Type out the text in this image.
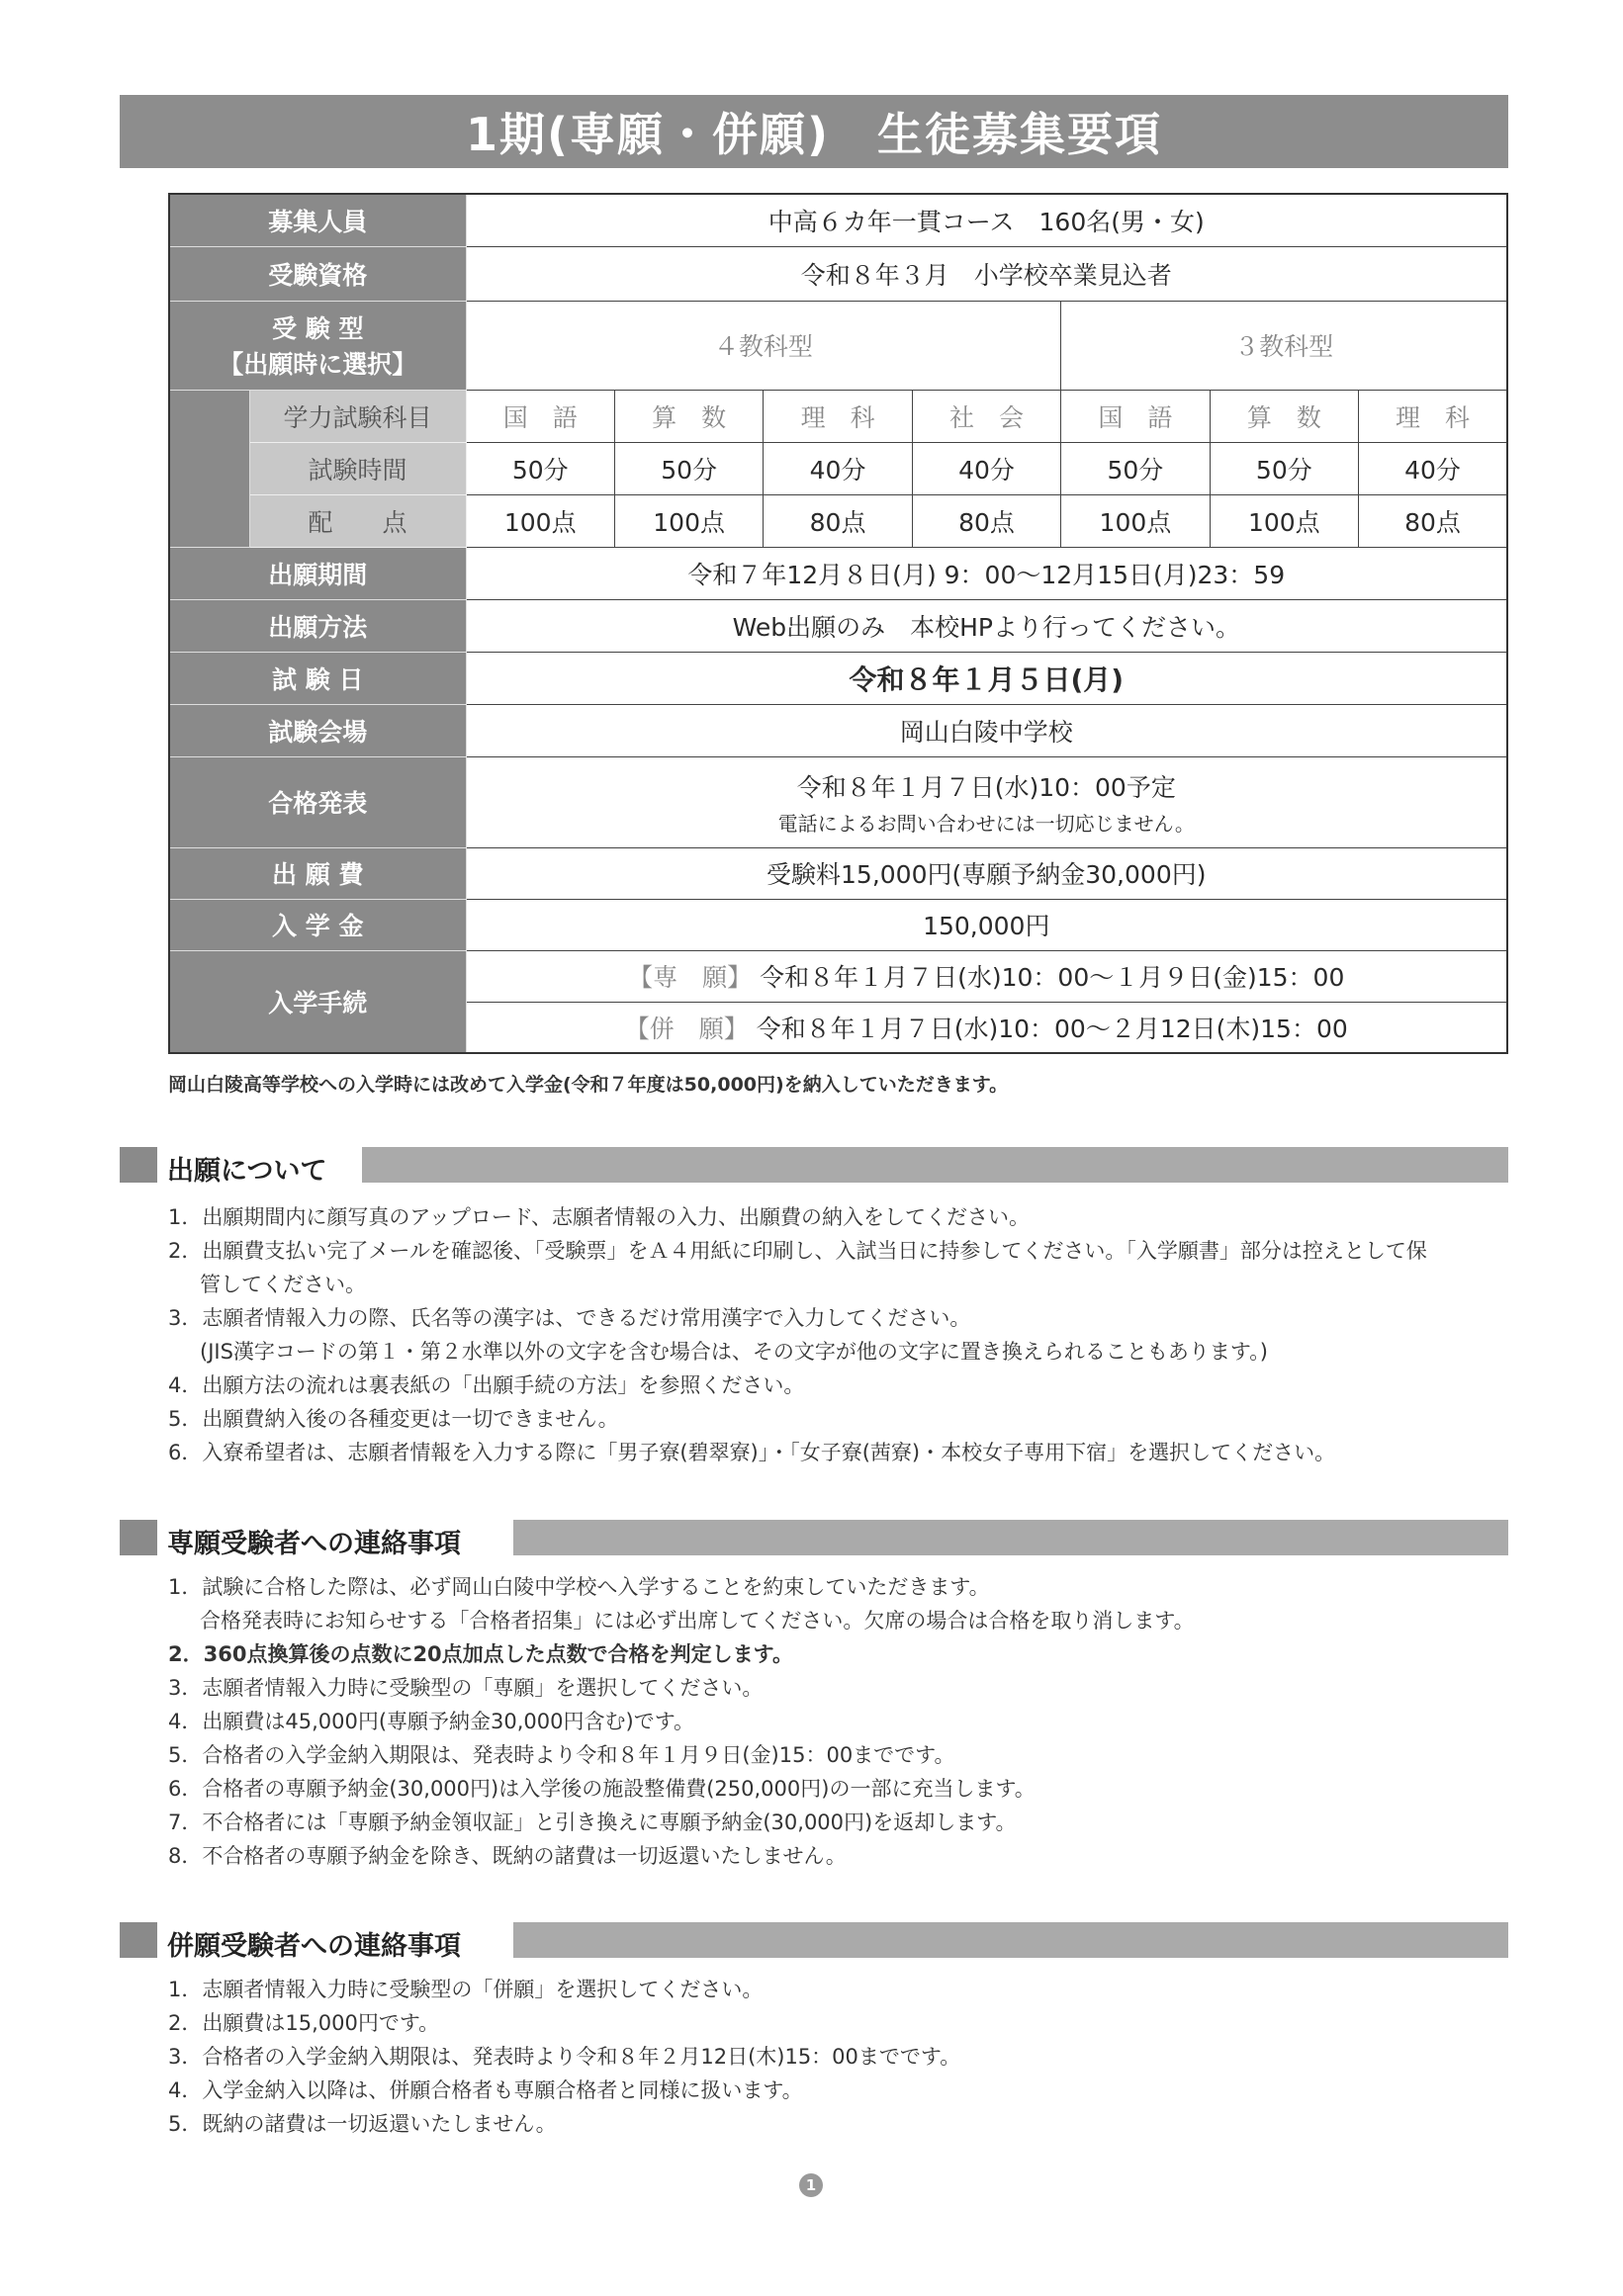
1期(専願・併願)　生徒募集要項
募集人員		中高６カ年一貫コース　160名(男・女)						
受験資格		令和８年３月　小学校卒業見込者						

受 験 型
【出願時に選択】		４教科型				３教科型		
	学力試験科目	国　語	算　数	理　科	社　会	国　語	算　数	理　科
	試験時間	50分	50分	40分	40分	50分	50分	40分
	配　　点	100点	100点	80点	80点	100点	100点	80点
出願期間		令和７年12月８日(月) 9：00～12月15日(月)23：59						
出願方法		Web出願のみ　本校HPより行ってください。						
試 験 日		令和８年１月５日(月)						
試験会場		岡山白陵中学校						
合格発表		令和８年１月７日(水)10：00予定
電話によるお問い合わせには一切応じません。						

出 願 費		受験料15,000円(専願予納金30,000円)						
入 学 金		150,000円						
入学手続		【専　願】 令和８年１月７日(水)10：00～１月９日(金)15：00						
		【併　願】 令和８年１月７日(水)10：00～２月12日(木)15：00						
岡山白陵高等学校への入学時には改めて入学金(令和７年度は50,000円)を納入していただきます。
出願について
1．出願期間内に顔写真のアップロード、志願者情報の入力、出願費の納入をしてください。
2．出願費支払い完了メールを確認後、「受験票」をＡ４用紙に印刷し、入試当日に持参してください。「入学願書」部分は控えとして保
管してください。
3．志願者情報入力の際、氏名等の漢字は、できるだけ常用漢字で入力してください。
(JIS漢字コードの第１・第２水準以外の文字を含む場合は、その文字が他の文字に置き換えられることもあります。)
4．出願方法の流れは裏表紙の「出願手続の方法」を参照ください。
5．出願費納入後の各種変更は一切できません。
6．入寮希望者は、志願者情報を入力する際に「男子寮(碧翠寮)」・「女子寮(茜寮)・本校女子専用下宿」を選択してください。
専願受験者への連絡事項
1．試験に合格した際は、必ず岡山白陵中学校へ入学することを約束していただきます。
合格発表時にお知らせする「合格者招集」には必ず出席してください。欠席の場合は合格を取り消します。
2．360点換算後の点数に20点加点した点数で合格を判定します。
3．志願者情報入力時に受験型の「専願」を選択してください。
4．出願費は45,000円(専願予納金30,000円含む)です。
5．合格者の入学金納入期限は、発表時より令和８年１月９日(金)15：00までです。
6．合格者の専願予納金(30,000円)は入学後の施設整備費(250,000円)の一部に充当します。
7．不合格者には「専願予納金領収証」と引き換えに専願予納金(30,000円)を返却します。
8．不合格者の専願予納金を除き、既納の諸費は一切返還いたしません。
併願受験者への連絡事項
1．志願者情報入力時に受験型の「併願」を選択してください。
2．出願費は15,000円です。
3．合格者の入学金納入期限は、発表時より令和８年２月12日(木)15：00までです。
4．入学金納入以降は、併願合格者も専願合格者と同様に扱います。
5．既納の諸費は一切返還いたしません。
1
